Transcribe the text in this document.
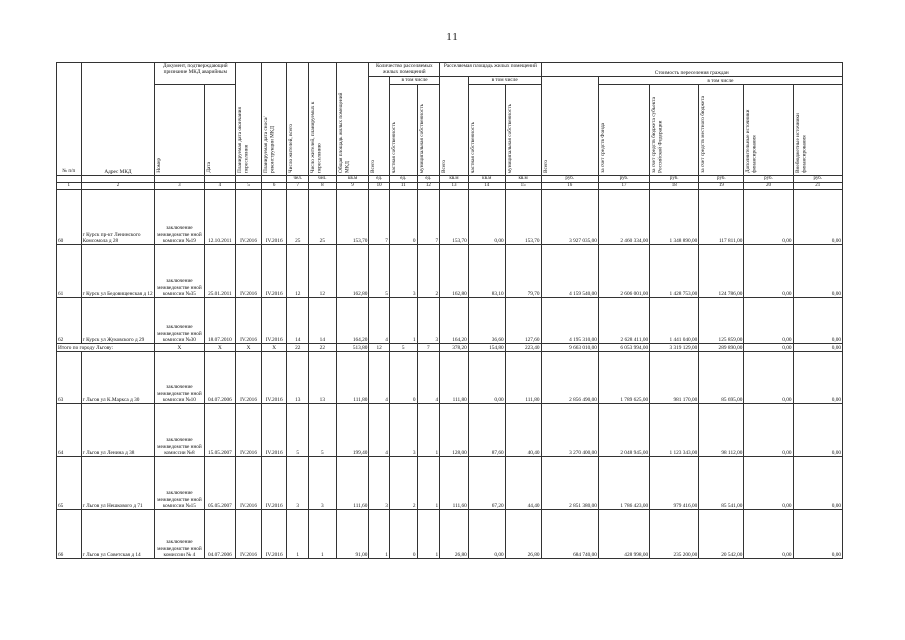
11
№ п/п	Адрес МКД	Документ, подтверждающий признание МКД аварийным		Планируемая дата окончания переселения	Планируемая дата сноса/ реконструкции МКД	Число жителей, всего	Число жителей, планируемых к переселению	Общая площадь жилых помещений МКД	Количество расселяемых жилых помещений			Расселяемая площадь жилых помещений			Стоимость переселения граждан					
									Всего	в том числе		Всего	в том числе		Всего	в том числе				
		Номер	Дата							частная собственность	муниципальная собственность		частная собственность	муниципальная собственность		за счет средств Фонда	за счет средств бюджета субъекта Российской Федерации	за счет средств местного бюджета	Дополнительные источники финансирования	Внебюджетные источники финансирования
						чел.	чел.	кв.м	ед.	ед.	ед.	кв.м	кв.м	кв.м	руб.	руб.	руб.	руб.	руб.	руб.
1	2	3	4	5	6	7	8	9	10	11	12	13	14	15	16	17	18	19	20	21
60	г Курск пр-кт Ленинского Комсомола д 28	заключение межведомстве нной комиссии №19	12.10.2011	IV.2016	IV.2016	25	25	153,70	7	0	7	153,70	0,00	153,70	3 927 035,00	2 460 334,00	1 348 890,00	117 811,00	0,00	0,00
61	г Курск ул Бедовищенская д 12	заключение межведомстве нной комиссии №35	25.01.2011	IV.2016	IV.2016	12	12	162,80	5	3	2	162,80	83,10	79,70	4 159 540,00	2 606 001,00	1 428 753,00	124 786,00	0,00	0,00
62	г Курск ул Жуковского д 29	заключение межведомстве нной комиссии №30	18.07.2010	IV.2016	IV.2016	14	14	164,20	4	1	3	164,20	36,60	127,60	4 195 310,00	2 628 411,00	1 441 040,00	125 859,00	0,00	0,00
Итого по городу Льгову:		X	X	X	X	22	22	513,80	12	5	7	378,20	154,80	223,40	9 663 010,00	6 053 994,00	3 319 129,00	289 890,00	0,00	0,00
63	г Льгов ул К.Маркса д 30	заключение межведомстве нной комиссии №10	04.07.2006	IV.2016	IV.2016	13	13	111,80	4	0	4	111,80	0,00	111,80	2 856 490,00	1 789 625,00	981 170,00	85 695,00	0,00	0,00
64	г Льгов ул Ленина д 38	заключение межведомстве нной комиссии №8	15.05.2007	IV.2016	IV.2016	5	5	199,40	4	3	1	128,00	87,60	40,40	3 270 400,00	2 048 945,00	1 123 343,00	98 112,00	0,00	0,00
65	г Льгов ул Нешкового д 71	заключение межведомстве нной комиссии №15	05.05.2007	IV.2016	IV.2016	3	3	111,60	3	2	1	111,60	67,20	44,40	2 851 380,00	1 786 423,00	979 416,00	85 541,00	0,00	0,00
66	г Льгов ул Советская д 14	заключение межведомстве нной комиссии № 4	04.07.2006	IV.2016	IV.2016	1	1	91,00	1	0	1	26,80	0,00	26,80	684 740,00	428 998,00	235 200,00	20 542,00	0,00	0,00
